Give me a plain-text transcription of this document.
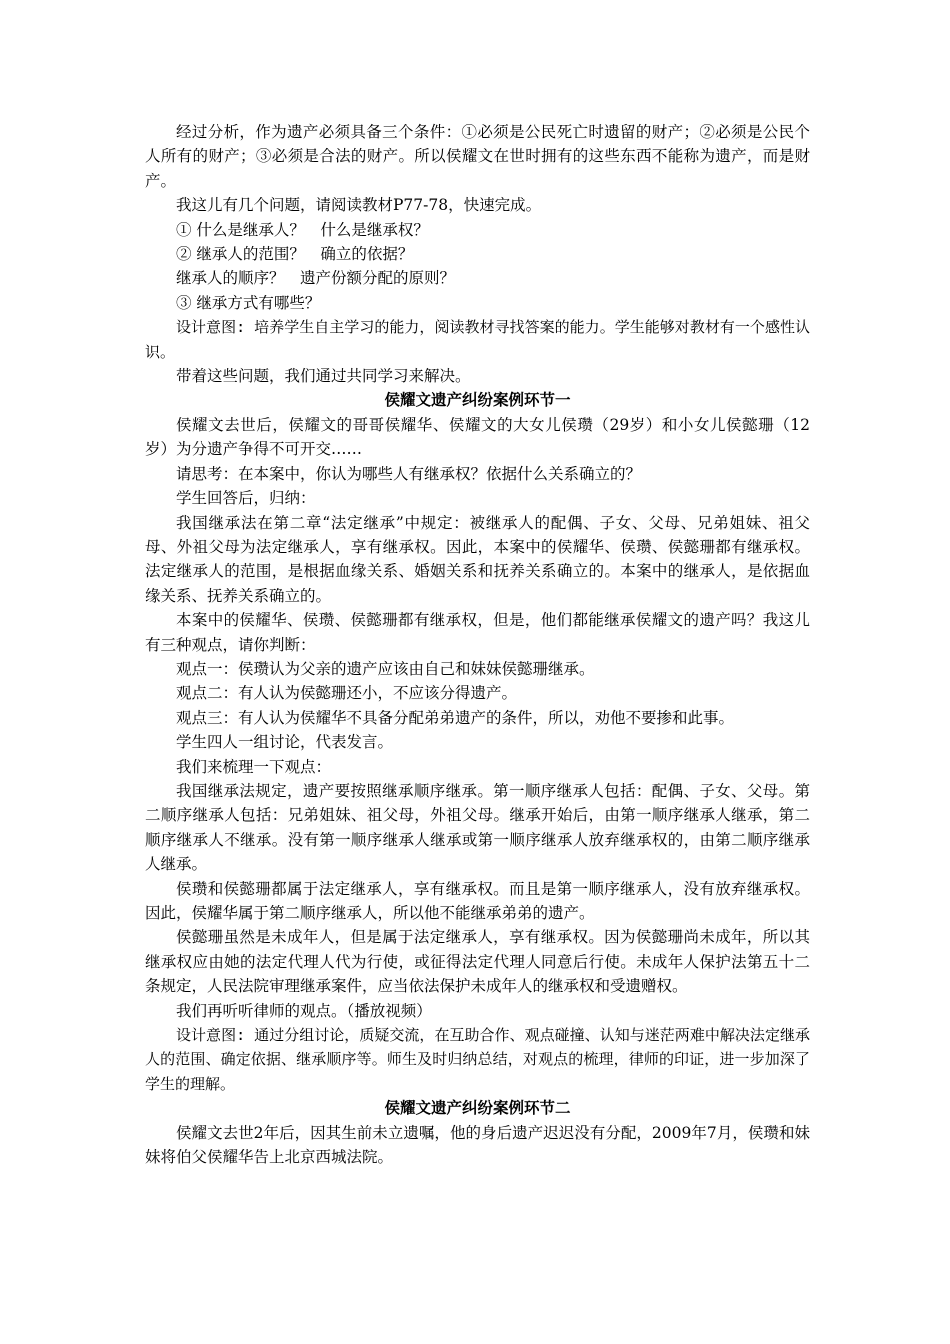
经过分析，作为遗产必须具备三个条件：①必须是公民死亡时遗留的财产；②必须是公民个人所有的财产；③必须是合法的财产。所以侯耀文在世时拥有的这些东西不能称为遗产，而是财产。

我这儿有几个问题，请阅读教材P77-78，快速完成。

① 什么是继承人？　什么是继承权？

② 继承人的范围？　确立的依据？

继承人的顺序？　遗产份额分配的原则？

③ 继承方式有哪些？

设计意图: 培养学生自主学习的能力，阅读教材寻找答案的能力。学生能够对教材有一个感性认识。

带着这些问题，我们通过共同学习来解决。

侯耀文遗产纠纷案例环节一

侯耀文去世后，侯耀文的哥哥侯耀华、侯耀文的大女儿侯瓒（29岁）和小女儿侯懿珊（12岁）为分遗产争得不可开交……

请思考：在本案中，你认为哪些人有继承权？依据什么关系确立的？

学生回答后，归纳：

我国继承法在第二章“法定继承”中规定：被继承人的配偶、子女、父母、兄弟姐妹、祖父母、外祖父母为法定继承人，享有继承权。因此，本案中的侯耀华、侯瓒、侯懿珊都有继承权。法定继承人的范围，是根据血缘关系、婚姻关系和抚养关系确立的。本案中的继承人，是依据血缘关系、抚养关系确立的。

本案中的侯耀华、侯瓒、侯懿珊都有继承权，但是，他们都能继承侯耀文的遗产吗？我这儿有三种观点，请你判断：

观点一：侯瓒认为父亲的遗产应该由自己和妹妹侯懿珊继承。

观点二：有人认为侯懿珊还小，不应该分得遗产。

观点三：有人认为侯耀华不具备分配弟弟遗产的条件，所以，劝他不要掺和此事。

学生四人一组讨论，代表发言。

我们来梳理一下观点：

我国继承法规定，遗产要按照继承顺序继承。第一顺序继承人包括：配偶、子女、父母。第二顺序继承人包括：兄弟姐妹、祖父母，外祖父母。继承开始后，由第一顺序继承人继承，第二顺序继承人不继承。没有第一顺序继承人继承或第一顺序继承人放弃继承权的，由第二顺序继承人继承。

侯瓒和侯懿珊都属于法定继承人，享有继承权。而且是第一顺序继承人，没有放弃继承权。因此，侯耀华属于第二顺序继承人，所以他不能继承弟弟的遗产。

侯懿珊虽然是未成年人，但是属于法定继承人，享有继承权。因为侯懿珊尚未成年，所以其继承权应由她的法定代理人代为行使，或征得法定代理人同意后行使。未成年人保护法第五十二条规定，人民法院审理继承案件，应当依法保护未成年人的继承权和受遗赠权。

我们再听听律师的观点。（播放视频）

设计意图: 通过分组讨论，质疑交流，在互助合作、观点碰撞、认知与迷茫两难中解决法定继承人的范围、确定依据、继承顺序等。师生及时归纳总结，对观点的梳理，律师的印证，进一步加深了学生的理解。

侯耀文遗产纠纷案例环节二

侯耀文去世2年后，因其生前未立遗嘱，他的身后遗产迟迟没有分配，2009年7月，侯瓒和妹妹将伯父侯耀华告上北京西城法院。
